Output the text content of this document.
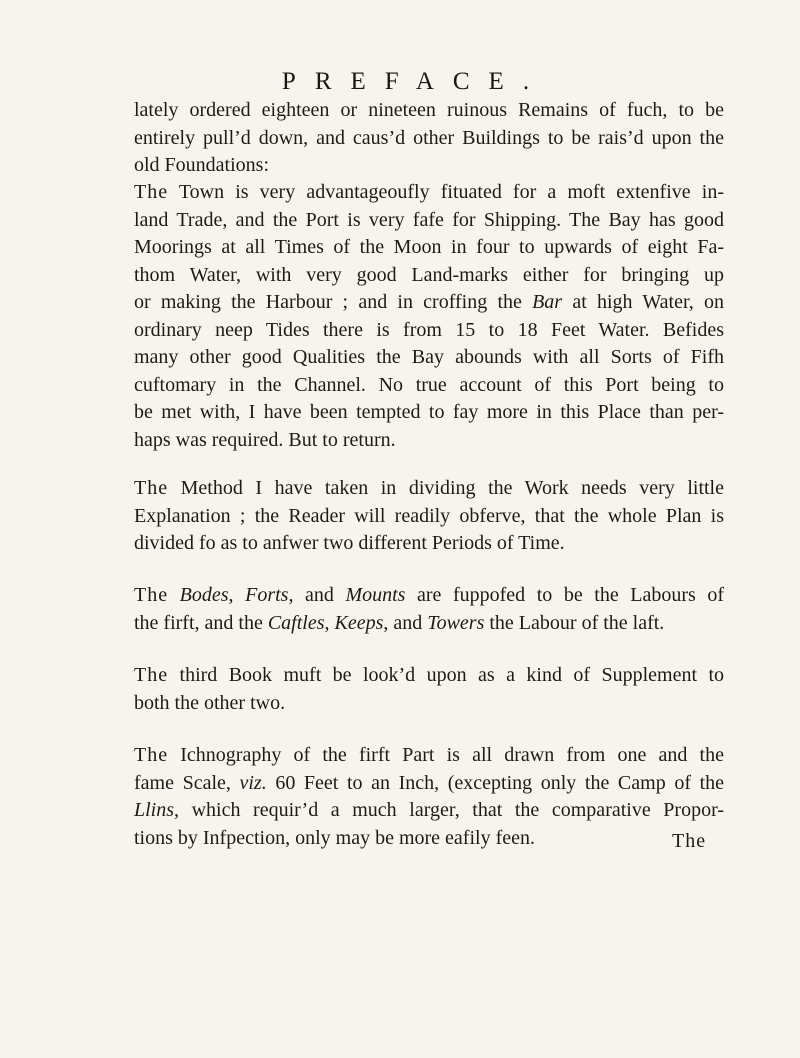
PREFACE.
lately ordered eighteen or nineteen ruinous Remains of fuch, to be
entirely pull’d down, and caus’d other Buildings to be rais’d upon the
old Foundations:
The Town is very advantageoufly fituated for a moft extenfive in-
land Trade, and the Port is very fafe for Shipping. The Bay has good
Moorings at all Times of the Moon in four to upwards of eight Fa-
thom Water, with very good Land-marks either for bringing up
or making the Harbour ; and in croffing the Bar at high Water, on
ordinary neep Tides there is from 15 to 18 Feet Water. Befides
many other good Qualities the Bay abounds with all Sorts of Fifh
cuftomary in the Channel. No true account of this Port being to
be met with, I have been tempted to fay more in this Place than per-
haps was required. But to return.
The Method I have taken in dividing the Work needs very little
Explanation ; the Reader will readily obferve, that the whole Plan is
divided fo as to anfwer two different Periods of Time.
The Bodes, Forts, and Mounts are fuppofed to be the Labours of
the firft, and the Caftles, Keeps, and Towers the Labour of the laft.
The third Book muft be look’d upon as a kind of Supplement to
both the other two.
The Ichnography of the firft Part is all drawn from one and the
fame Scale, viz. 60 Feet to an Inch, (excepting only the Camp of the
Llins, which requir’d a much larger, that the comparative Propor-
tions by Infpection, only may be more eafily feen.	The
